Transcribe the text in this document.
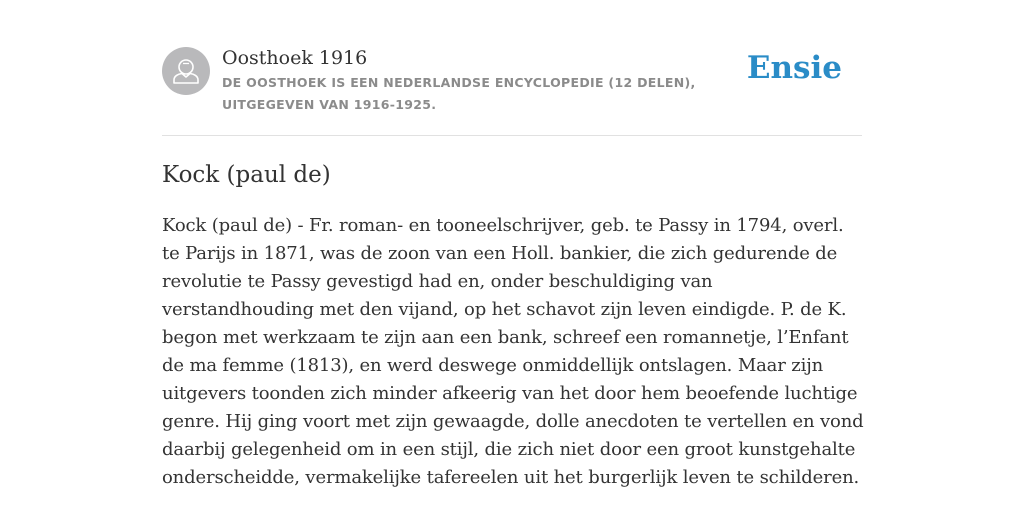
Oosthoek 1916

DE OOSTHOEK IS EEN NEDERLANDSE ENCYCLOPEDIE (12 DELEN), UITGEGEVEN VAN 1916-1925.

Ensie
Kock (paul de)

Kock (paul de) - Fr. roman- en tooneelschrijver, geb. te Passy in 1794, overl. te Parijs in 1871, was de zoon van een Holl. bankier, die zich gedurende de revolutie te Passy gevestigd had en, onder beschuldiging van verstandhouding met den vijand, op het schavot zijn leven eindigde. P. de K. begon met werkzaam te zijn aan een bank, schreef een romannetje, l’Enfant de ma femme (1813), en werd deswege onmiddellijk ontslagen. Maar zijn uitgevers toonden zich minder afkeerig van het door hem beoefende luchtige genre. Hij ging voort met zijn gewaagde, dolle anecdoten te vertellen en vond daarbij gelegenheid om in een stijl, die zich niet door een groot kunstgehalte onderscheidde, vermakelijke tafereelen uit het burgerlijk leven te schilderen.
